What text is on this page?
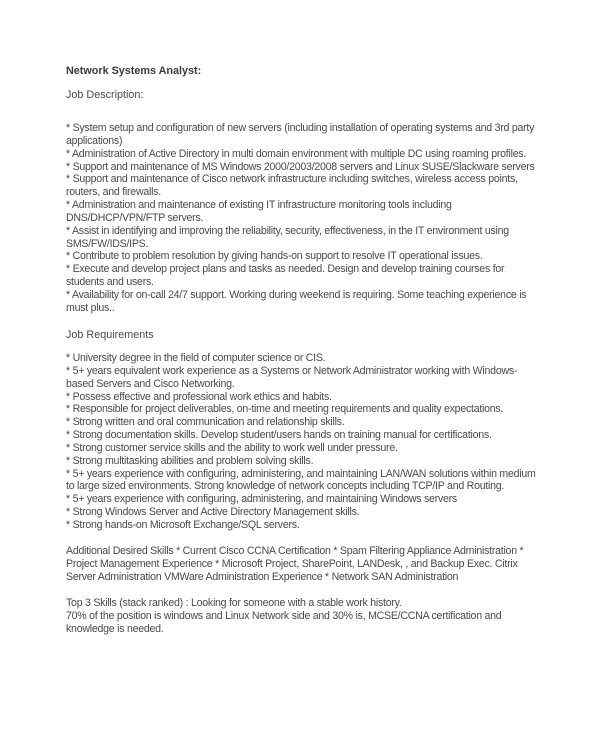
Network Systems Analyst:
Job Description:
* System setup and configuration of new servers (including installation of operating systems and 3rd party
applications)
* Administration of Active Directory in multi domain environment with multiple DC using roaming profiles.
* Support and maintenance of MS Windows 2000/2003/2008 servers and Linux SUSE/Slackware servers
* Support and maintenance of Cisco network infrastructure including switches, wireless access points,
routers, and firewalls.
* Administration and maintenance of existing IT infrastructure monitoring tools including
DNS/DHCP/VPN/FTP servers.
* Assist in identifying and improving the reliability, security, effectiveness, in the IT environment using
SMS/FW/IDS/IPS.
* Contribute to problem resolution by giving hands-on support to resolve IT operational issues.
* Execute and develop project plans and tasks as needed. Design and develop training courses for
students and users.
* Availability for on-call 24/7 support. Working during weekend is requiring. Some teaching experience is
must plus..
Job Requirements
* University degree in the field of computer science or CIS.
* 5+ years equivalent work experience as a Systems or Network Administrator working with Windows-
based Servers and Cisco Networking.
* Possess effective and professional work ethics and habits.
* Responsible for project deliverables, on-time and meeting requirements and quality expectations.
* Strong written and oral communication and relationship skills.
* Strong documentation skills. Develop student/users hands on training manual for certifications.
* Strong customer service skills and the ability to work well under pressure.
* Strong multitasking abilities and problem solving skills.
* 5+ years experience with configuring, administering, and maintaining LAN/WAN solutions within medium
to large sized environments. Strong knowledge of network concepts including TCP/IP and Routing.
* 5+ years experience with configuring, administering, and maintaining Windows servers
* Strong Windows Server and Active Directory Management skills.
* Strong hands-on Microsoft Exchange/SQL servers.
Additional Desired Skills * Current Cisco CCNA Certification * Spam Filtering Appliance Administration *
Project Management Experience * Microsoft Project, SharePoint, LANDesk, , and Backup Exec. Citrix
Server Administration VMWare Administration Experience * Network SAN Administration
Top 3 Skills (stack ranked) : Looking for someone with a stable work history.
70% of the position is windows and Linux Network side and 30% is, MCSE/CCNA certification and
knowledge is needed.
